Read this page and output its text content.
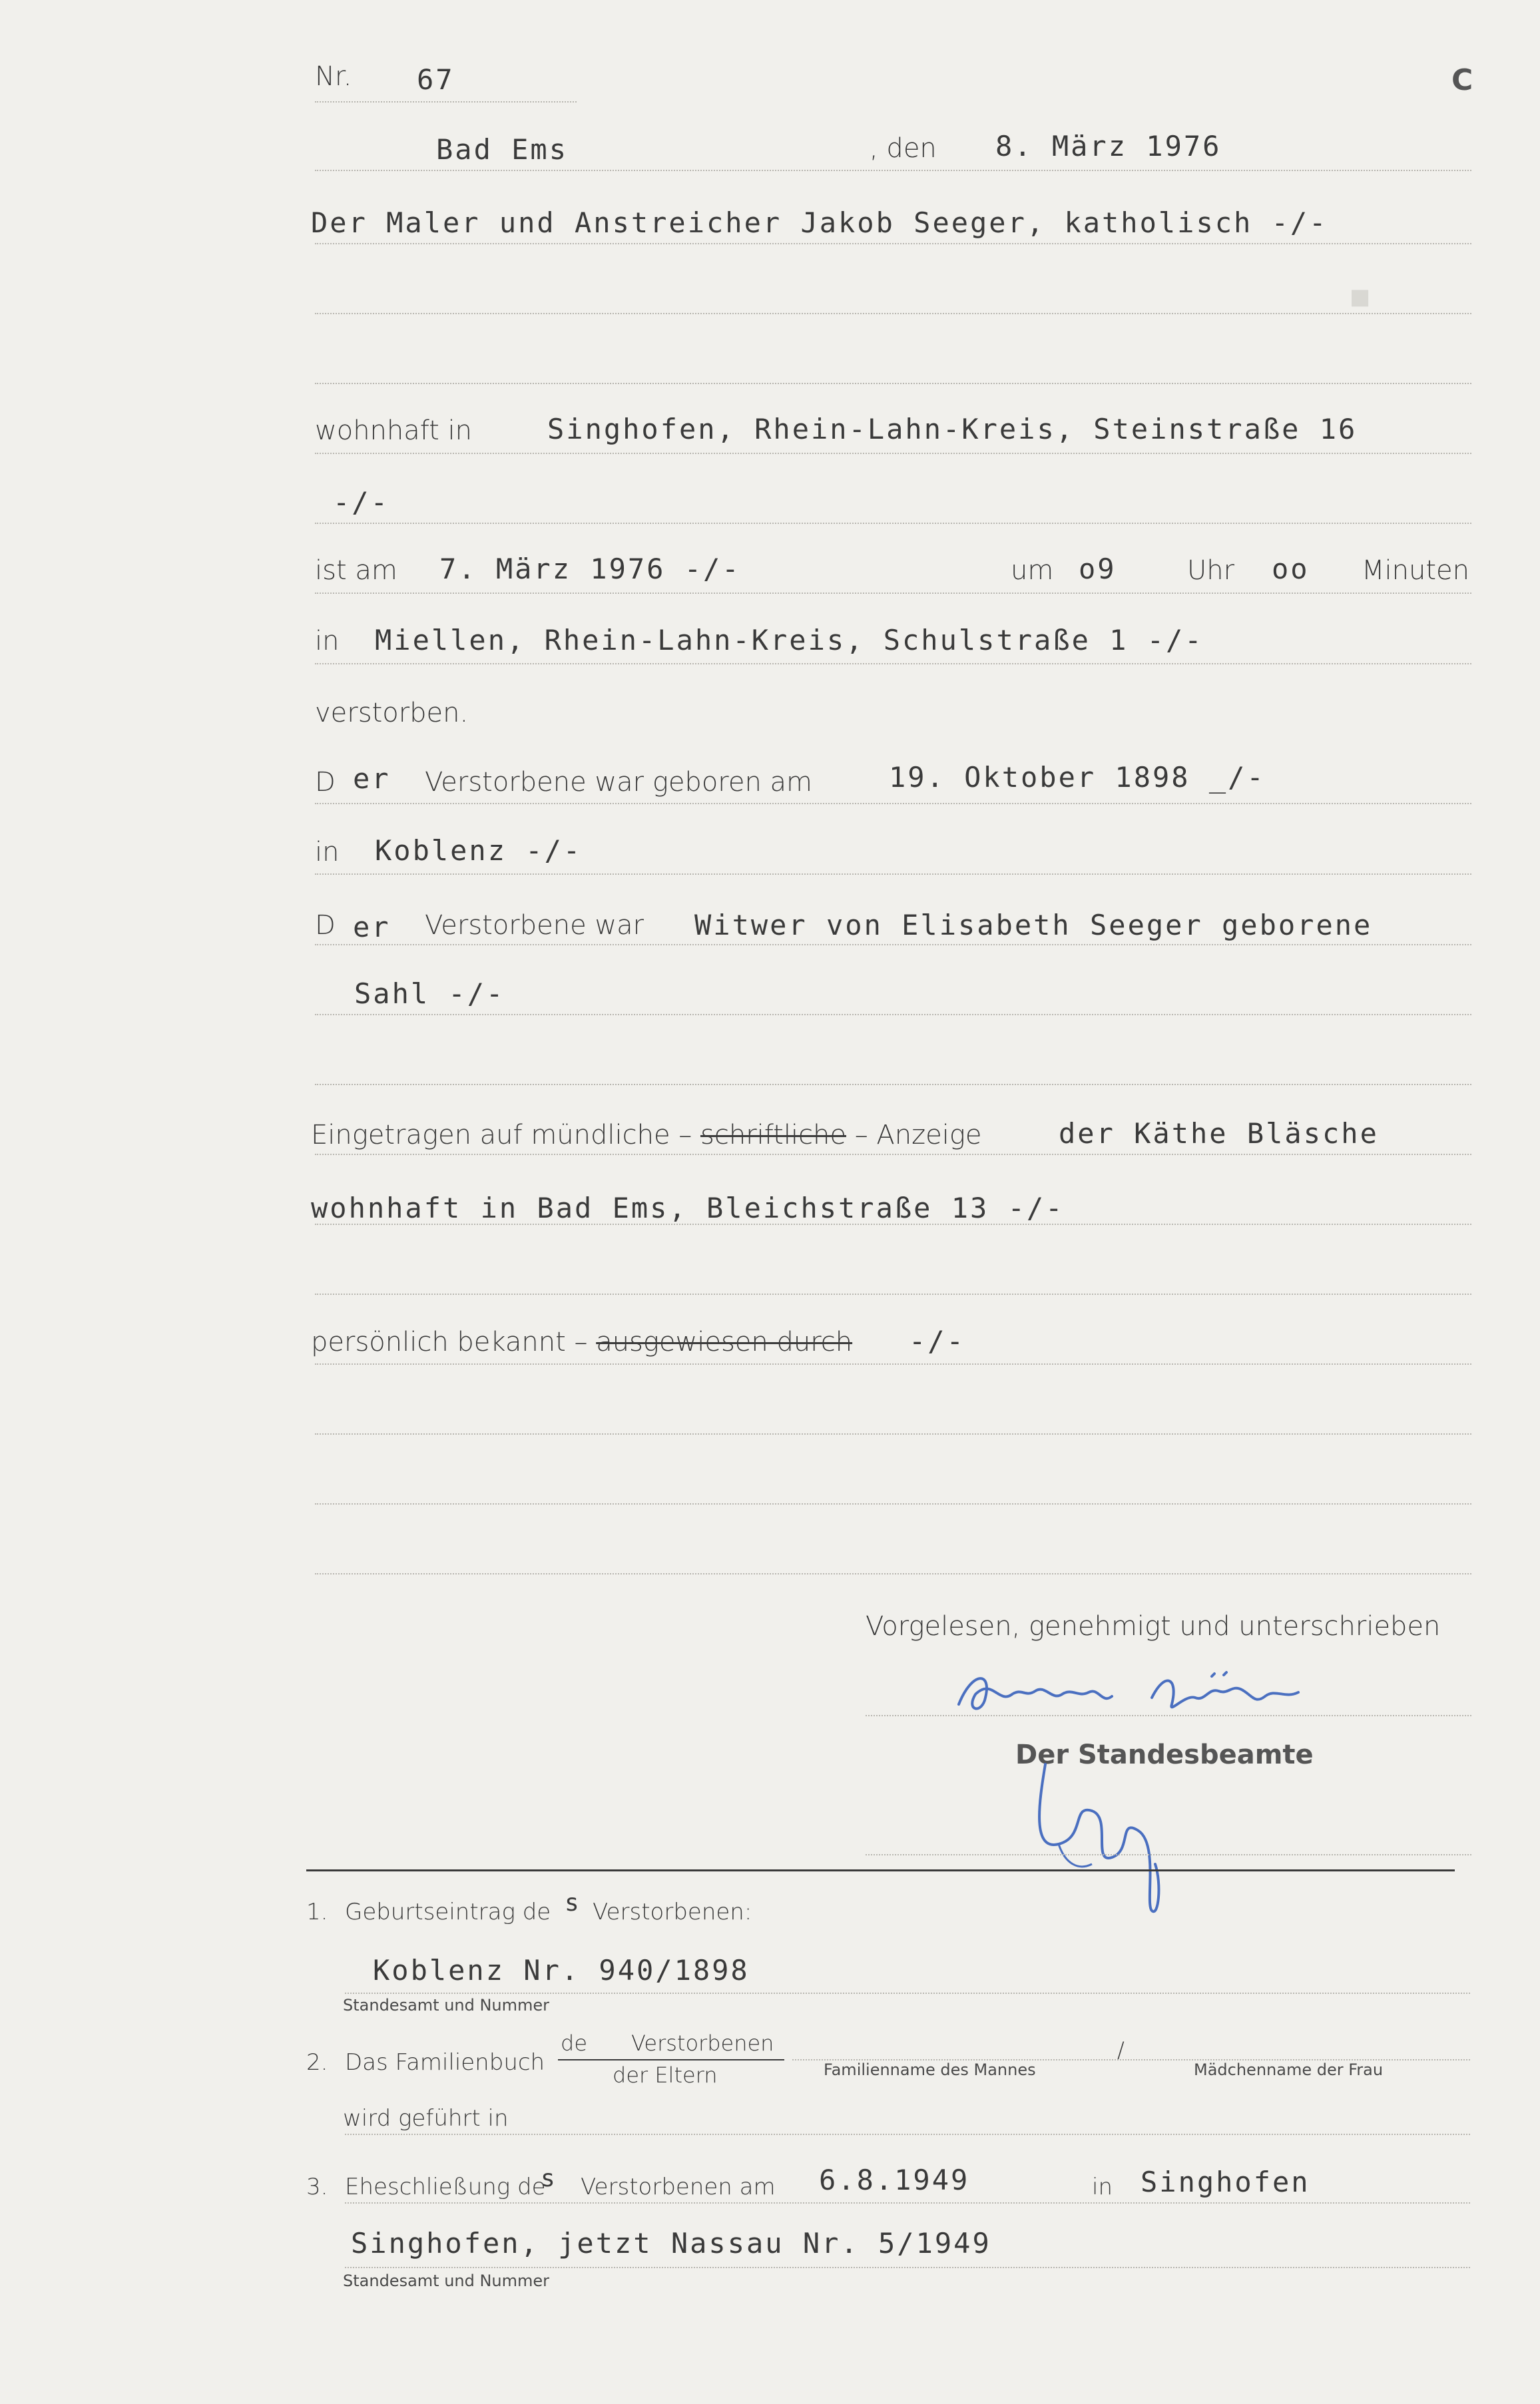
■
C
Nr. 67
Bad Ems	, den 8. März 1976
Der Maler und Anstreicher Jakob Seeger, katholisch -/-
wohnhaft in	Singhofen, Rhein-Lahn-Kreis, Steinstraße 16
-/-
ist am 7. März 1976 -/-	um o9	Uhr oo Minuten
in Miellen, Rhein-Lahn-Kreis, Schulstraße 1 -/-
verstorben.
D er Verstorbene war geboren am	19. Oktober 1898 _/-
in Koblenz -/-
D er Verstorbene war Witwer von Elisabeth Seeger geborene
Sahl -/-
Eingetragen auf mündliche – schriftliche – Anzeige	der Käthe Bläsche
wohnhaft in Bad Ems, Bleichstraße 13 -/-
persönlich bekannt – ausgewiesen durch -/-
Vorgelesen, genehmigt und unterschrieben
Der Standesbeamte
1. Geburtseintrag de s Verstorbenen:
Koblenz Nr. 940/1898
Standesamt und Nummer
2. Das Familienbuch
de Verstorbenen
der Eltern	Familienname des Mannes
/
Mädchenname der Frau
wird geführt in
3. Eheschließung de
s Verstorbenen am 6.8.1949	in Singhofen
Singhofen, jetzt Nassau Nr. 5/1949
Standesamt und Nummer
